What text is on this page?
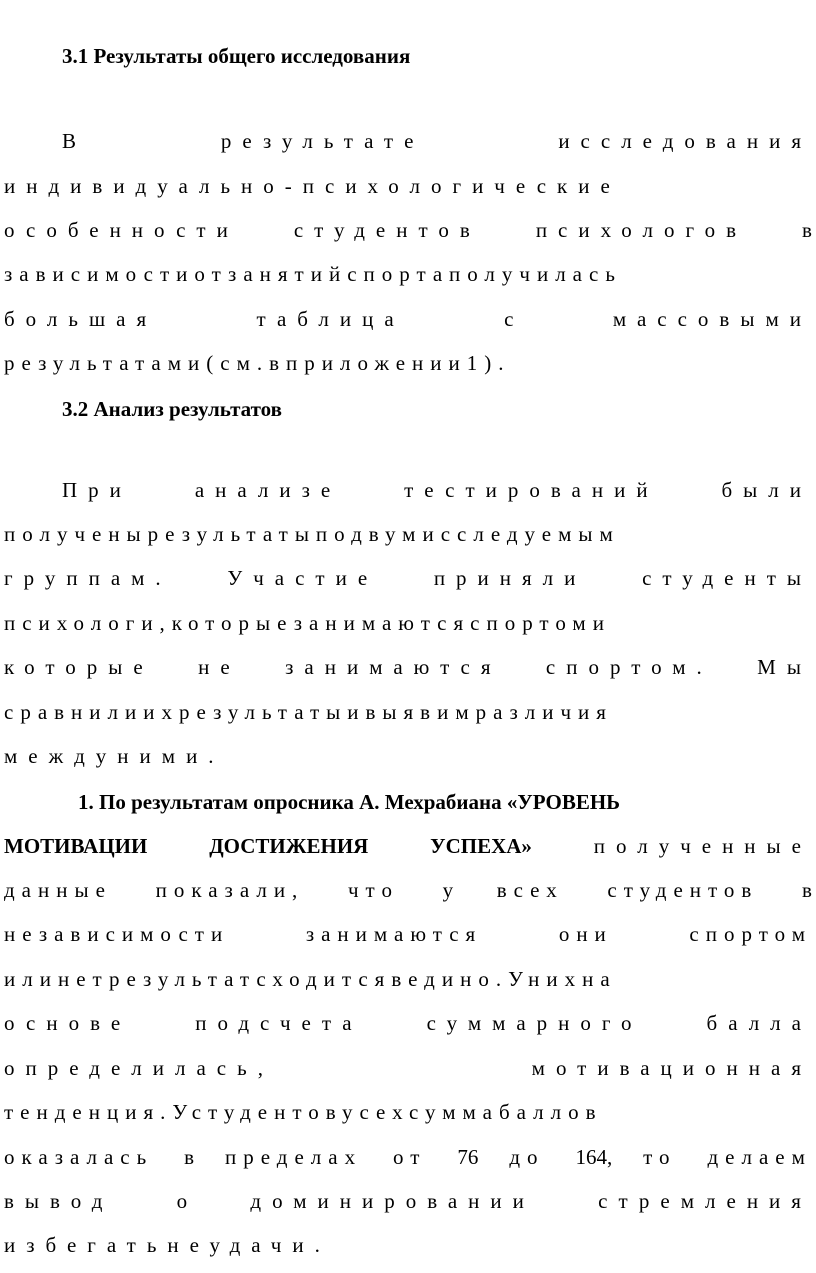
3.1 Результаты общего исследования
В	результате	исследования
индивидуально-психологические
особенности	студентов	психологов	в
зависимостиотзанятийспортаполучилась
большая	таблица	с	массовыми
результатами(см.вприложении1).
3.2 Анализ результатов
При	анализе	тестирований	были
полученырезультатыподвумисследуемым
группам.	Участие	приняли	студенты
психологи,которыезанимаютсяспортоми
которые не занимаются спортом. Мы
сравнилиихрезультатыивыявимразличия
междуними.
1. По результатам опросника А. Мехрабиана «УРОВЕНЬ
МОТИВАЦИИ	ДОСТИЖЕНИЯ	УСПЕХА»	полученные
данные показали, что у всех студентов в
независимости	занимаются	они	спортом
илинетрезультатсходитсяведино.Унихна
основе	подсчета	суммарного	балла
определилась,	мотивационная
тенденция.Устудентовусехсуммабаллов
оказалась в пределах от 76 до 164, то делаем
вывод	о	доминировании	стремления
избегатьнеудачи.
